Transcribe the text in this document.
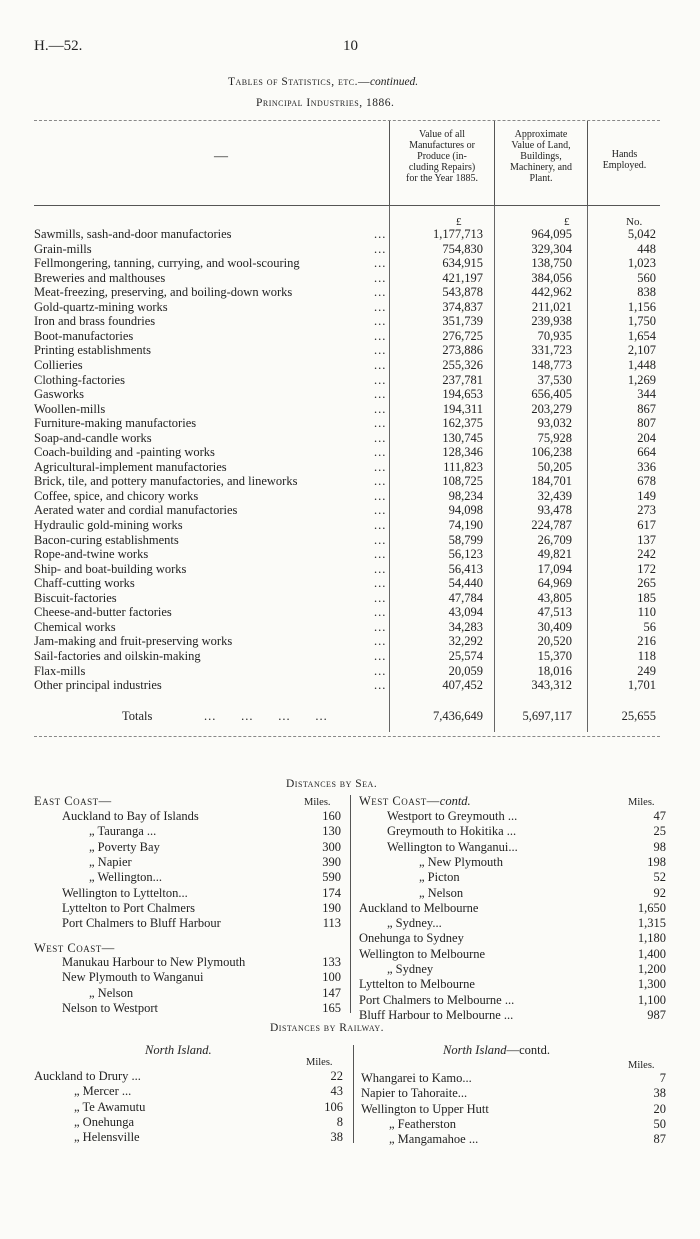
H.—52.	10
Tables of Statistics, etc.—continued.
Principal Industries, 1886.
—
Value of all
Manufactures or
Produce (in-
cluding Repairs)
for the Year 1885.
Approximate
Value of Land,
Buildings,
Machinery, and
Plant.
Hands
Employed.
£	£	No.
Sawmills, sash-and-door manufactories	...	1,177,713	964,095	5,042
Grain-mills	...	754,830	329,304	448
Fellmongering, tanning, currying, and wool-scouring	...	634,915	138,750	1,023
Breweries and malthouses	...	421,197	384,056	560
Meat-freezing, preserving, and boiling-down works	...	543,878	442,962	838
Gold-quartz-mining works	...	374,837	211,021	1,156
Iron and brass foundries	...	351,739	239,938	1,750
Boot-manufactories	...	276,725	70,935	1,654
Printing establishments	...	273,886	331,723	2,107
Collieries	...	255,326	148,773	1,448
Clothing-factories	...	237,781	37,530	1,269
Gasworks	...	194,653	656,405	344
Woollen-mills	...	194,311	203,279	867
Furniture-making manufactories	...	162,375	93,032	807
Soap-and-candle works	...	130,745	75,928	204
Coach-building and -painting works	...	128,346	106,238	664
Agricultural-implement manufactories	...	111,823	50,205	336
Brick, tile, and pottery manufactories, and lineworks	...	108,725	184,701	678
Coffee, spice, and chicory works	...	98,234	32,439	149
Aerated water and cordial manufactories	...	94,098	93,478	273
Hydraulic gold-mining works	...	74,190	224,787	617
Bacon-curing establishments	...	58,799	26,709	137
Rope-and-twine works	...	56,123	49,821	242
Ship- and boat-building works	...	56,413	17,094	172
Chaff-cutting works	...	54,440	64,969	265
Biscuit-factories	...	47,784	43,805	185
Cheese-and-butter factories	...	43,094	47,513	110
Chemical works	...	34,283	30,409	56
Jam-making and fruit-preserving works	...	32,292	20,520	216
Sail-factories and oilskin-making	...	25,574	15,370	118
Flax-mills	...	20,059	18,016	249
Other principal industries	...	407,452	343,312	1,701
Totals	...      ...      ...      ...	7,436,649	5,697,117	25,655
Distances by Sea.
East Coast—	Miles.
Auckland to Bay of Islands	160
„ Tauranga ...	130
„ Poverty Bay	300
„ Napier	390
„ Wellington...	590
Wellington to Lyttelton...	174
Lyttelton to Port Chalmers	190
Port Chalmers to Bluff Harbour	113
West Coast—
Manukau Harbour to New Plymouth	133
New Plymouth to Wanganui	100
„ Nelson	147
Nelson to Westport	165
West Coast—contd.	Miles.
Westport to Greymouth ...	47
Greymouth to Hokitika ...	25
Wellington to Wanganui...	98
„ New Plymouth	198
„ Picton	52
„ Nelson	92
Auckland to Melbourne	1,650
„ Sydney...	1,315
Onehunga to Sydney	1,180
Wellington to Melbourne	1,400
„ Sydney	1,200
Lyttelton to Melbourne	1,300
Port Chalmers to Melbourne ...	1,100
Bluff Harbour to Melbourne ...	987
Distances by Railway.
North Island.
Miles.
Auckland to Drury ...	22
„ Mercer ...	43
„ Te Awamutu	106
„ Onehunga	8
„ Helensville	38
North Island—contd.
Miles.
Whangarei to Kamo...	7
Napier to Tahoraite...	38
Wellington to Upper Hutt	20
„ Featherston	50
„ Mangamahoe ...	87
